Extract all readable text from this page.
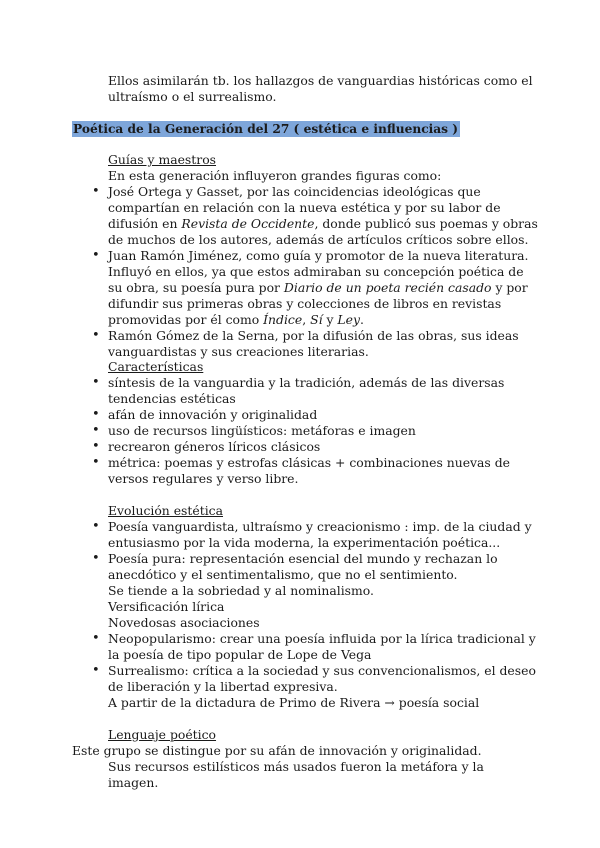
Ellos asimilarán tb. los hallazgos de vanguardias históricas como el

ultraísmo o el surrealismo.

Poética de la Generación del 27 ( estética e influencias )

Guías y maestros

En esta generación influyeron grandes figuras como:

• José Ortega y Gasset, por las coincidencias ideológicas que compartían en relación con la nueva estética y por su labor de difusión en Revista de Occidente, donde publicó sus poemas y obras de muchos de los autores, además de artículos críticos sobre ellos.
• Juan Ramón Jiménez, como guía y promotor de la nueva literatura. Influyó en ellos, ya que estos admiraban su concepción poética de su obra, su poesía pura por Diario de un poeta recién casado y por difundir sus primeras obras y colecciones de libros en revistas promovidas por él como Índice, Sí y Ley.
• Ramón Gómez de la Serna, por la difusión de las obras, sus ideas vanguardistas y sus creaciones literarias.

Características

• síntesis de la vanguardia y la tradición, además de las diversas tendencias estéticas
• afán de innovación y originalidad
• uso de recursos lingüísticos: metáforas e imagen
• recrearon géneros líricos clásicos
• métrica: poemas y estrofas clásicas + combinaciones nuevas de versos regulares y verso libre.

Evolución estética

• Poesía vanguardista, ultraísmo y creacionismo : imp. de la ciudad y entusiasmo por la vida moderna, la experimentación poética...
• Poesía pura: representación esencial del mundo y rechazan lo anecdótico y el sentimentalismo, que no el sentimiento.
Se tiende a la sobriedad y al nominalismo.
Versificación lírica
Novedosas asociaciones
• Neopopularismo: crear una poesía influida por la lírica tradicional y la poesía de tipo popular de Lope de Vega
• Surrealismo: crítica a la sociedad y sus convencionalismos, el deseo de liberación y la libertad expresiva.
A partir de la dictadura de Primo de Rivera → poesía social

Lenguaje poético

Este grupo se distingue por su afán de innovación y originalidad.

Sus recursos estilísticos más usados fueron la metáfora y la imagen.
